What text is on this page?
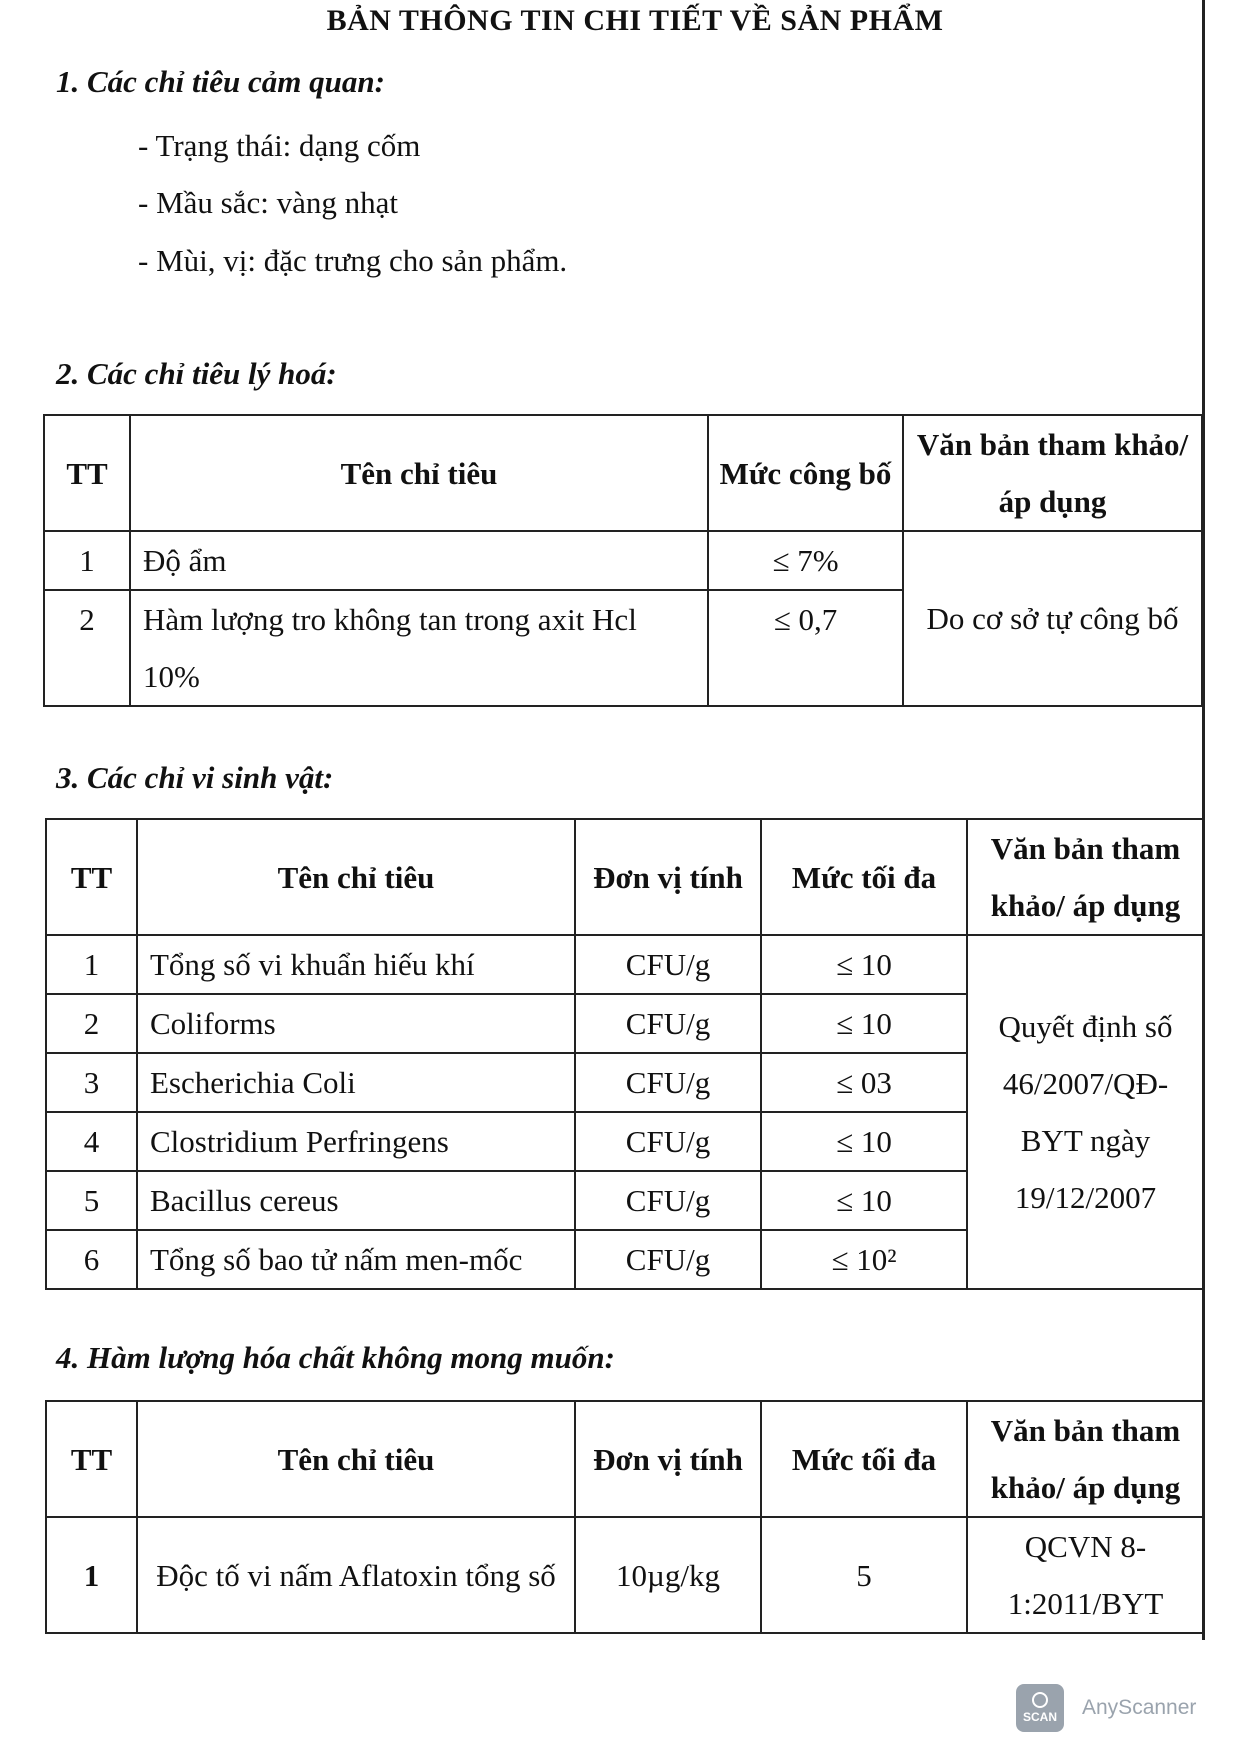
BẢN THÔNG TIN CHI TIẾT VỀ SẢN PHẨM
1. Các chỉ tiêu cảm quan:
- Trạng thái: dạng cốm
- Mầu sắc: vàng nhạt
- Mùi, vị: đặc trưng cho sản phẩm.
2. Các chỉ tiêu lý hoá:
TT	Tên chỉ tiêu	Mức công bố	Văn bản tham khảo/ áp dụng
1	Độ ẩm	≤ 7%	Do cơ sở tự công bố
2	Hàm lượng tro không tan trong axit Hcl 10%	≤ 0,7	
3. Các chỉ vi sinh vật:
TT	Tên chỉ tiêu	Đơn vị tính	Mức tối đa	Văn bản tham khảo/ áp dụng
1	Tổng số vi khuẩn hiếu khí	CFU/g	≤ 10	Quyết định số 46/2007/QĐ-BYT ngày 19/12/2007
2	Coliforms	CFU/g	≤ 10	
3	Escherichia Coli	CFU/g	≤ 03	
4	Clostridium Perfringens	CFU/g	≤ 10	
5	Bacillus cereus	CFU/g	≤ 10	
6	Tổng số bao tử nấm men-mốc	CFU/g	≤ 10²	
4. Hàm lượng hóa chất không mong muốn:
TT	Tên chỉ tiêu	Đơn vị tính	Mức tối đa	Văn bản tham khảo/ áp dụng
1	Độc tố vi nấm Aflatoxin tổng số	10µg/kg	5	QCVN 8-1:2011/BYT
SCAN AnyScanner
